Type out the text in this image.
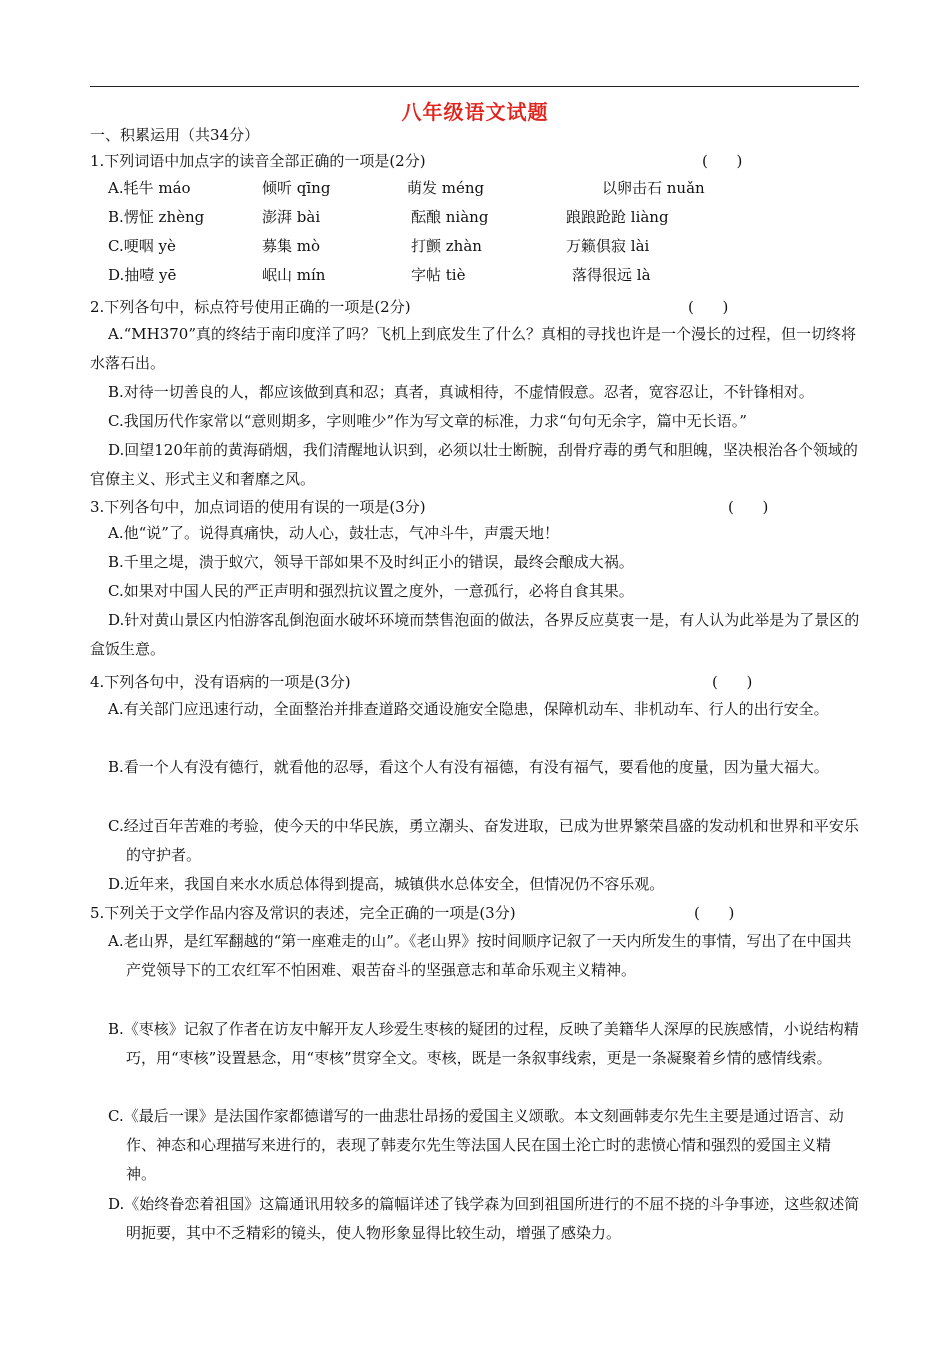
八年级语文试题
一、积累运用（共34分）
1.下列词语中加点字的读音全部正确的一项是(2分)	(      )
A.牦牛 máo	倾听 qīng	萌发 méng	以卵击石 nuǎn
B.愣怔 zhèng	澎湃 bài	酝酿 niàng	踉踉跄跄 liàng
C.哽咽 yè	募集 mò	打颤 zhàn	万籁俱寂 lài
D.抽噎 yē	岷山 mín	字帖 tiè	落得很远 là
2.下列各句中，标点符号使用正确的一项是(2分)	(      )
A.“MH370”真的终结于南印度洋了吗？飞机上到底发生了什么？真相的寻找也许是一个漫长的过程，但一切终将水落石出。
B.对待一切善良的人，都应该做到真和忍；真者，真诚相待，不虚情假意。忍者，宽容忍让，不针锋相对。
C.我国历代作家常以“意则期多，字则唯少”作为写文章的标准，力求“句句无余字，篇中无长语。”
D.回望120年前的黄海硝烟，我们清醒地认识到，必须以壮士断腕，刮骨疗毒的勇气和胆魄，坚决根治各个领域的官僚主义、形式主义和奢靡之风。
3.下列各句中，加点词语的使用有误的一项是(3分)	(      )
A.他“说”了。说得真痛快，动人心，鼓壮志，气冲斗牛，声震天地！
B.千里之堤，溃于蚁穴，领导干部如果不及时纠正小的错误，最终会酿成大祸。
C.如果对中国人民的严正声明和强烈抗议置之度外，一意孤行，必将自食其果。
D.针对黄山景区内怕游客乱倒泡面水破坏环境而禁售泡面的做法，各界反应莫衷一是，有人认为此举是为了景区的盒饭生意。
4.下列各句中，没有语病的一项是(3分)	(      )
A.有关部门应迅速行动，全面整治并排查道路交通设施安全隐患，保障机动车、非机动车、行人的出行安全。
B.看一个人有没有德行，就看他的忍辱，看这个人有没有福德，有没有福气，要看他的度量，因为量大福大。
C.经过百年苦难的考验，使今天的中华民族，勇立潮头、奋发进取，已成为世界繁荣昌盛的发动机和世界和平安乐的守护者。
D.近年来，我国自来水水质总体得到提高，城镇供水总体安全，但情况仍不容乐观。
5.下列关于文学作品内容及常识的表述，完全正确的一项是(3分)	(      )
A.老山界，是红军翻越的“第一座难走的山”。《老山界》按时间顺序记叙了一天内所发生的事情，写出了在中国共产党领导下的工农红军不怕困难、艰苦奋斗的坚强意志和革命乐观主义精神。
B.《枣核》记叙了作者在访友中解开友人珍爱生枣核的疑团的过程，反映了美籍华人深厚的民族感情，小说结构精巧，用“枣核”设置悬念，用“枣核”贯穿全文。枣核，既是一条叙事线索，更是一条凝聚着乡情的感情线索。
C.《最后一课》是法国作家都德谱写的一曲悲壮昂扬的爱国主义颂歌。本文刻画韩麦尔先生主要是通过语言、动作、神态和心理描写来进行的，表现了韩麦尔先生等法国人民在国土沦亡时的悲愤心情和强烈的爱国主义精神。
D.《始终眷恋着祖国》这篇通讯用较多的篇幅详述了钱学森为回到祖国所进行的不屈不挠的斗争事迹，这些叙述简明扼要，其中不乏精彩的镜头，使人物形象显得比较生动，增强了感染力。
